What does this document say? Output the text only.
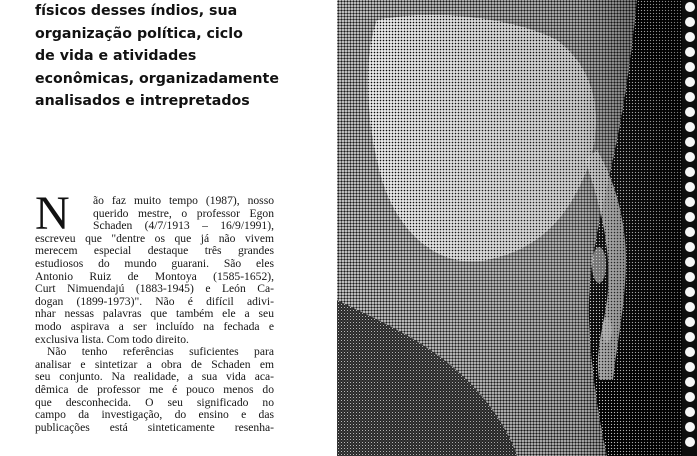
físicos desses índios, sua
organização política, ciclo
de vida e atividades
econômicas, organizadamente
analisados e intrepretados
N	ão faz muito tempo (1987), nosso
querido mestre, o professor Egon
Schaden (4/7/1913 – 16/9/1991),
escreveu que "dentre os que já não vivem
merecem especial destaque três grandes
estudiosos do mundo guarani. São eles
Antonio Ruiz de Montoya (1585-1652),
Curt Nimuendajú (1883-1945) e León Ca-
dogan (1899-1973)". Não é difícil adivi-
nhar nessas palavras que também ele a seu
modo aspirava a ser incluído na fechada e
exclusiva lista. Com todo direito.
Não tenho referências suficientes para
analisar e sintetizar a obra de Schaden em
seu conjunto. Na realidade, a sua vida aca-
dêmica de professor me é pouco menos do
que desconhecida. O seu significado no
campo da investigação, do ensino e das
publicações está sinteticamente resenha-
